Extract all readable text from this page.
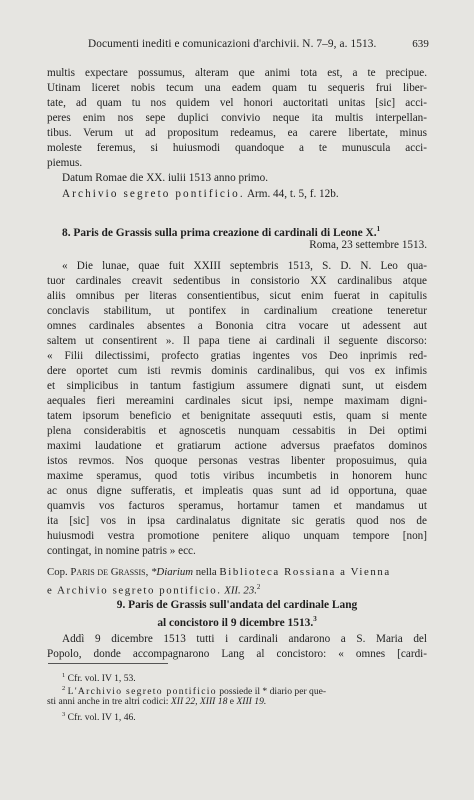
Documenti inediti e comunicazioni d'archivii. N. 7–9, a. 1513.	639
multis expectare possumus, alteram que animi tota est, a te precipue.
Utinam liceret nobis tecum una eadem quam tu sequeris frui liber-
tate, ad quam tu nos quidem vel honori auctoritati unitas [sic] acci-
peres enim nos sepe duplici convivio neque ita multis interpellan-
tibus. Verum ut ad propositum redeamus, ea carere libertate, minus
moleste feremus, si huiusmodi quandoque a te munuscula acci-
piemus.
Datum Romae die XX. iulii 1513 anno primo.
Archivio segreto pontificio. Arm. 44, t. 5, f. 12b.
8. Paris de Grassis sulla prima creazione di cardinali di Leone X.$^1$
Roma, 23 settembre 1513.
« Die lunae, quae fuit XXIII septembris 1513, S. D. N. Leo qua-
tuor cardinales creavit sedentibus in consistorio XX cardinalibus atque
aliis omnibus per literas consentientibus, sicut enim fuerat in capitulis
conclavis stabilitum, ut pontifex in cardinalium creatione teneretur
omnes cardinales absentes a Bononia citra vocare ut adessent aut
saltem ut consentirent ». Il papa tiene ai cardinali il seguente discorso:
« Filii dilectissimi, profecto gratias ingentes vos Deo inprimis red-
dere oportet cum isti revmis dominis cardinalibus, qui vos ex infimis
et simplicibus in tantum fastigium assumere dignati sunt, ut eisdem
aequales fieri mereamini cardinales sicut ipsi, nempe maximam digni-
tatem ipsorum beneficio et benignitate assequuti estis, quam si mente
plena considerabitis et agnoscetis nunquam cessabitis in Dei optimi
maximi laudatione et gratiarum actione adversus praefatos dominos
istos revmos. Nos quoque personas vestras libenter proposuimus, quia
maxime speramus, quod totis viribus incumbetis in honorem hunc
ac onus digne sufferatis, et impleatis quas sunt ad id opportuna, quae
quamvis vos facturos speramus, hortamur tamen et mandamus ut
ita [sic] vos in ipsa cardinalatus dignitate sic geratis quod nos de
huiusmodi vestra promotione penitere aliquo unquam tempore [non]
contingat, in nomine patris » ecc.
Cop. Paris de Grassis, *Diarium nella Biblioteca Rossiana a Vienna
e Archivio segreto pontificio. XII. 23.$^2$
9. Paris de Grassis sull'andata del cardinale Lang
al concistoro il 9 dicembre 1513.$^3$
Addì 9 dicembre 1513 tutti i cardinali andarono a S. Maria del
Popolo, donde accompagnarono Lang al concistoro: « omnes [cardi-
$^1$ Cfr. vol. IV 1, 53.
$^2$ L'Archivio segreto pontificio possiede il * diario per que-
sti anni anche in tre altri codici: XII 22, XIII 18 e XIII 19.
$^3$ Cfr. vol. IV 1, 46.
